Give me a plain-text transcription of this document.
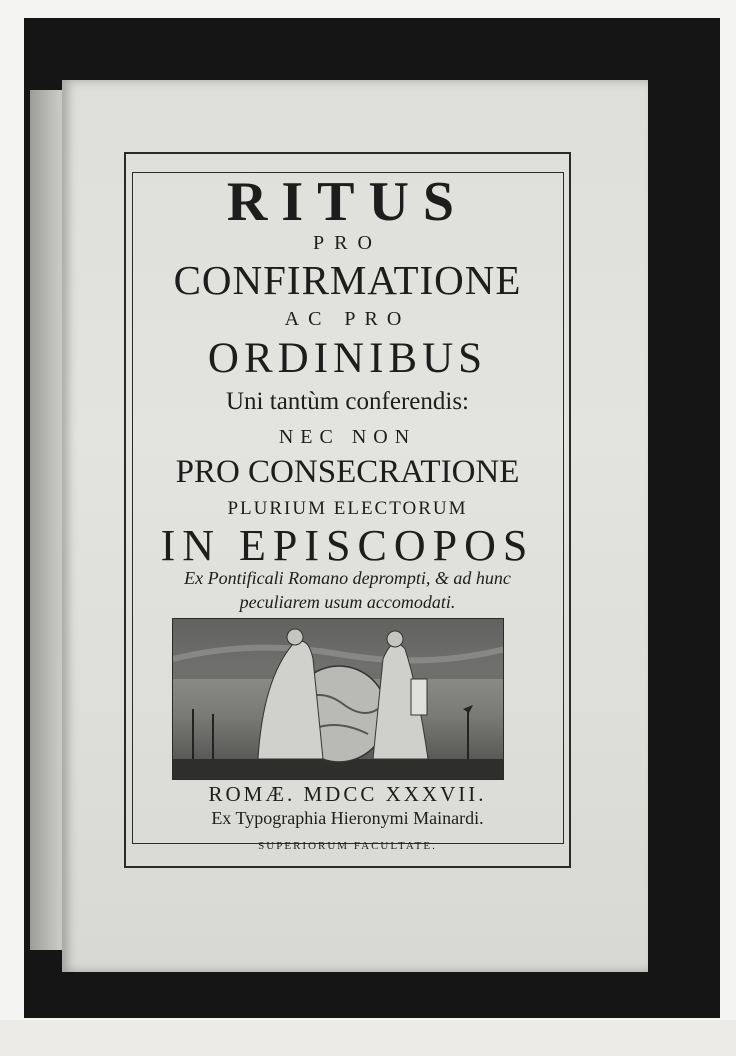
RITUS
PRO
CONFIRMATIONE
AC PRO
ORDINIBUS
Uni tantùm conferendis:
NEC NON
PRO CONSECRATIONE
PLURIUM ELECTORUM
IN EPISCOPOS
Ex Pontificali Romano deprompti, & ad hunc
peculiarem usum accomodati.
ROMÆ. MDCC XXXVII.
Ex Typographia Hieronymi Mainardi.
SUPERIORUM FACULTATE.
